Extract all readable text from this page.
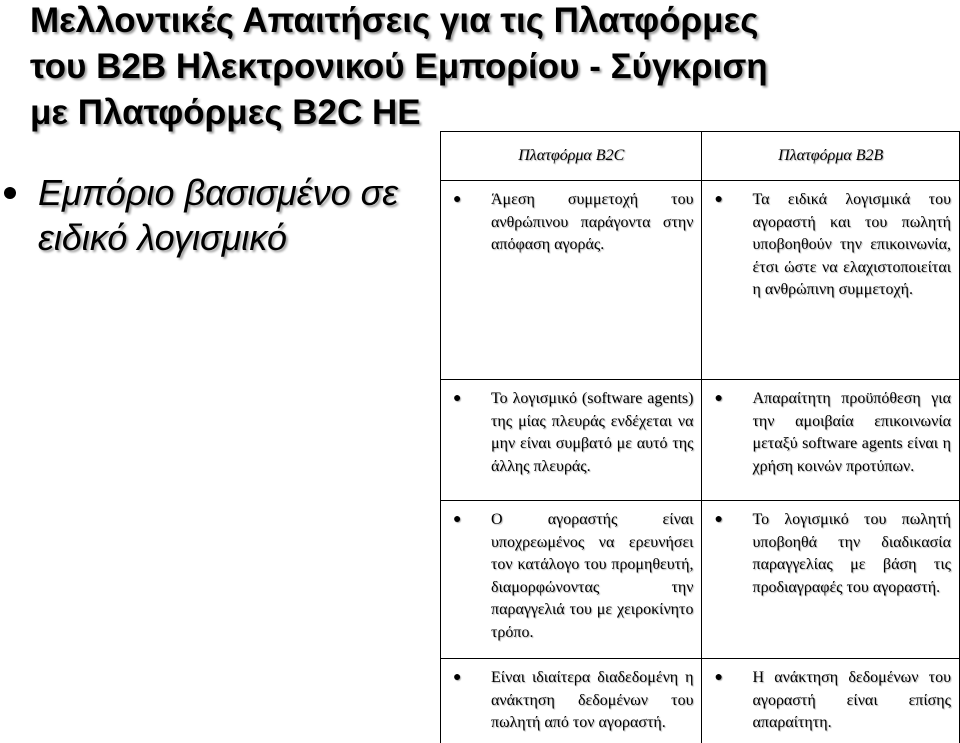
Μελλοντικές Απαιτήσεις για τις Πλατφόρμες
του B2B Ηλεκτρονικού Εμπορίου - Σύγκριση
με Πλατφόρμες B2C ΗΕ
Εμπόριο βασισμένο σε
ειδικό λογισμικό
Πλατφόρμα B2C	Πλατφόρμα B2B

● Άμεση συμμετοχή του ανθρώπινου παράγοντα στην απόφαση αγοράς.	● Τα ειδικά λογισμικά του αγοραστή και του πωλητή υποβοηθούν την επικοινωνία, έτσι ώστε να ελαχιστοποιείται η ανθρώπινη συμμετοχή.

● Το λογισμικό (software agents) της μίας πλευράς ενδέχεται να μην είναι συμβατό με αυτό της άλλης πλευράς.	● Απαραίτητη προϋπόθεση για την αμοιβαία επικοινωνία μεταξύ software agents είναι η χρήση κοινών προτύπων.

● Ο αγοραστής είναι υποχρεωμένος να ερευνήσει τον κατάλογο του προμηθευτή, διαμορφώνοντας την παραγγελιά του με χειροκίνητο τρόπο.	● Το λογισμικό του πωλητή υποβοηθά την διαδικασία παραγγελίας με βάση τις προδιαγραφές του αγοραστή.

● Είναι ιδιαίτερα διαδεδομένη η ανάκτηση δεδομένων του πωλητή από τον αγοραστή.	● Η ανάκτηση δεδομένων του αγοραστή είναι επίσης απαραίτητη.
